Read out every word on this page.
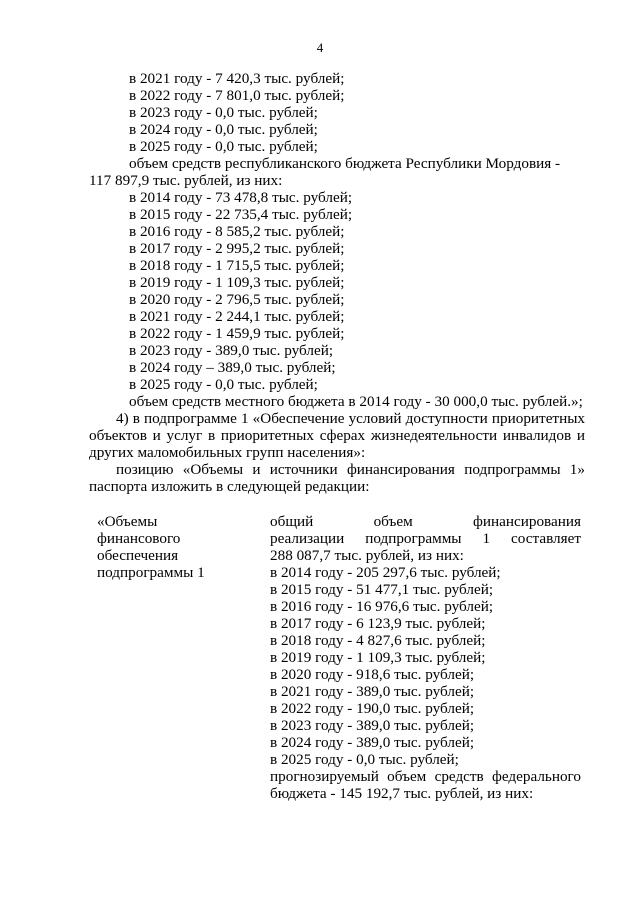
4
в 2021 году - 7 420,3 тыс. рублей;
в 2022 году - 7 801,0 тыс. рублей;
в 2023 году - 0,0 тыс. рублей;
в 2024 году - 0,0 тыс. рублей;
в 2025 году - 0,0 тыс. рублей;
объем средств республиканского бюджета Республики Мордовия -
117 897,9 тыс. рублей, из них:
в 2014 году - 73 478,8 тыс. рублей;
в 2015 году - 22 735,4 тыс. рублей;
в 2016 году - 8 585,2 тыс. рублей;
в 2017 году - 2 995,2 тыс. рублей;
в 2018 году - 1 715,5 тыс. рублей;
в 2019 году - 1 109,3 тыс. рублей;
в 2020 году - 2 796,5 тыс. рублей;
в 2021 году - 2 244,1 тыс. рублей;
в 2022 году - 1 459,9 тыс. рублей;
в 2023 году - 389,0 тыс. рублей;
в 2024 году – 389,0 тыс. рублей;
в 2025 году - 0,0 тыс. рублей;
объем средств местного бюджета в 2014 году - 30 000,0 тыс. рублей.»;
4) в подпрограмме 1 «Обеспечение условий доступности приоритетных
объектов и услуг в приоритетных сферах жизнедеятельности инвалидов и
других маломобильных групп населения»:
позицию «Объемы и источники финансирования подпрограммы 1»
паспорта изложить в следующей редакции:
«Объемы
финансового
обеспечения
подпрограммы 1
общий объем финансирования
реализации подпрограммы 1 составляет
288 087,7 тыс. рублей, из них:
в 2014 году - 205 297,6 тыс. рублей;
в 2015 году - 51 477,1 тыс. рублей;
в 2016 году - 16 976,6 тыс. рублей;
в 2017 году - 6 123,9 тыс. рублей;
в 2018 году - 4 827,6 тыс. рублей;
в 2019 году - 1 109,3 тыс. рублей;
в 2020 году - 918,6 тыс. рублей;
в 2021 году - 389,0 тыс. рублей;
в 2022 году - 190,0 тыс. рублей;
в 2023 году - 389,0 тыс. рублей;
в 2024 году - 389,0 тыс. рублей;
в 2025 году - 0,0 тыс. рублей;
прогнозируемый объем средств федерального
бюджета - 145 192,7 тыс. рублей, из них:
